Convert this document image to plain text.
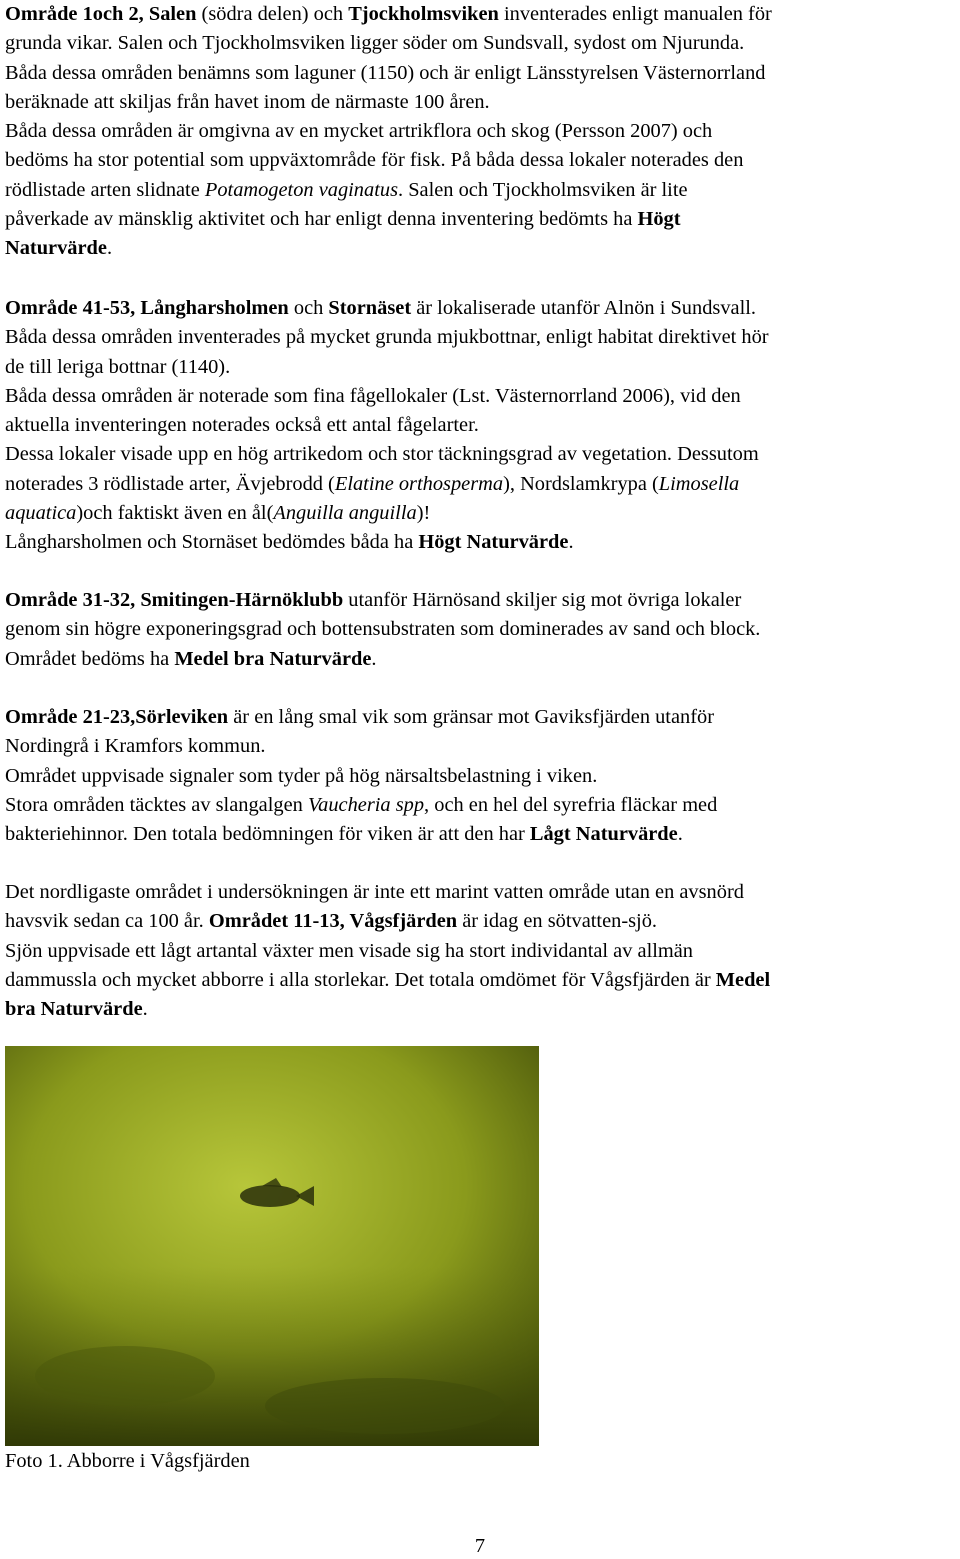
Område 1och 2, Salen (södra delen) och Tjockholmsviken inventerades enligt manualen för
grunda vikar. Salen och Tjockholmsviken ligger söder om Sundsvall, sydost om Njurunda.
Båda dessa områden benämns som laguner (1150) och är enligt Länsstyrelsen Västernorrland
beräknade att skiljas från havet inom de närmaste 100 åren.
Båda dessa områden är omgivna av en mycket artrikflora och skog (Persson 2007) och
bedöms ha stor potential som uppväxtområde för fisk. På båda dessa lokaler noterades den
rödlistade arten slidnate Potamogeton vaginatus. Salen och Tjockholmsviken är lite
påverkade av mänsklig aktivitet och har enligt denna inventering bedömts ha Högt
Naturvärde.
Område 41-53, Långharsholmen och Stornäset är lokaliserade utanför Alnön i Sundsvall.
Båda dessa områden inventerades på mycket grunda mjukbottnar, enligt habitat direktivet hör
de till leriga bottnar (1140).
Båda dessa områden är noterade som fina fågellokaler (Lst. Västernorrland 2006), vid den
aktuella inventeringen noterades också ett antal fågelarter.
Dessa lokaler visade upp en hög artrikedom och stor täckningsgrad av vegetation. Dessutom
noterades 3 rödlistade arter, Ävjebrodd (Elatine orthosperma), Nordslamkrypa (Limosella
aquatica)och faktiskt även en ål(Anguilla anguilla)!
Långharsholmen och Stornäset bedömdes båda ha Högt Naturvärde.
Område 31-32, Smitingen-Härnöklubb utanför Härnösand skiljer sig mot övriga lokaler
genom sin högre exponeringsgrad och bottensubstraten som dominerades av sand och block.
Området bedöms ha Medel bra Naturvärde.
Område 21-23,Sörleviken är en lång smal vik som gränsar mot Gaviksfjärden utanför
Nordingrå i Kramfors kommun.
Området uppvisade signaler som tyder på hög närsaltsbelastning i viken.
Stora områden täcktes av slangalgen Vaucheria spp, och en hel del syrefria fläckar med
bakteriehinnor. Den totala bedömningen för viken är att den har Lågt Naturvärde.
Det nordligaste området i undersökningen är inte ett marint vatten område utan en avsnörd
havsvik sedan ca 100 år. Området 11-13, Vågsfjärden är idag en sötvatten-sjö.
Sjön uppvisade ett lågt artantal växter men visade sig ha stort individantal av allmän
dammussla och mycket abborre i alla storlekar. Det totala omdömet för Vågsfjärden är Medel
bra Naturvärde.
Foto 1. Abborre i Vågsfjärden
7
